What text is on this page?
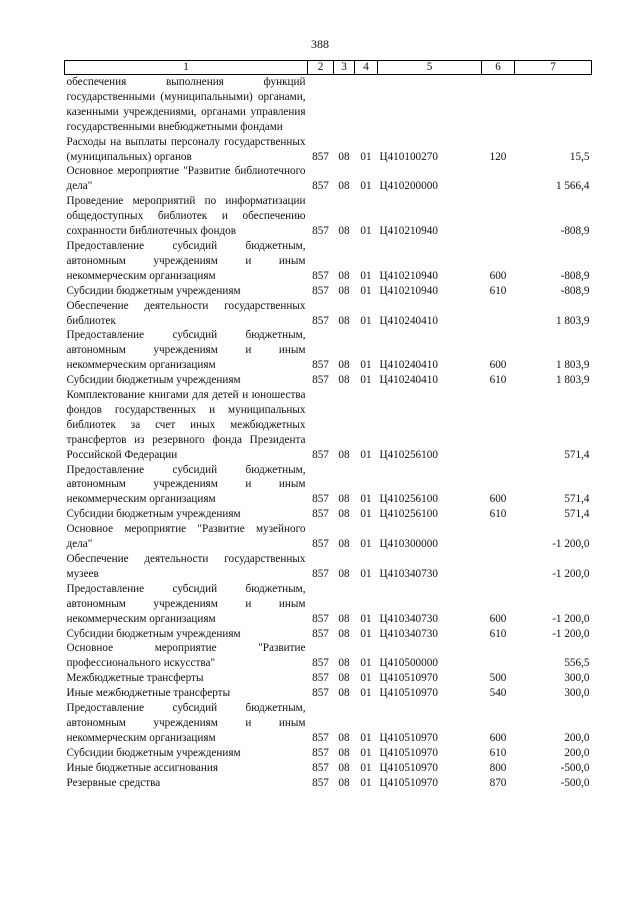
388
1	2	3	4	5	6	7
обеспечения выполнения функций государственными (муниципальными) органами, казенными учреждениями, органами управления государственными внебюджетными фондами						
Расходы на выплаты персоналу государственных (муниципальных) органов	857	08	01	Ц410100270	120	15,5
Основное мероприятие "Развитие библиотечного дела"	857	08	01	Ц410200000		1 566,4
Проведение мероприятий по информатизации общедоступных библиотек и обеспечению сохранности библиотечных фондов	857	08	01	Ц410210940		-808,9
Предоставление субсидий бюджетным, автономным учреждениям и иным некоммерческим организациям	857	08	01	Ц410210940	600	-808,9
Субсидии бюджетным учреждениям	857	08	01	Ц410210940	610	-808,9
Обеспечение деятельности государственных библиотек	857	08	01	Ц410240410		1 803,9
Предоставление субсидий бюджетным, автономным учреждениям и иным некоммерческим организациям	857	08	01	Ц410240410	600	1 803,9
Субсидии бюджетным учреждениям	857	08	01	Ц410240410	610	1 803,9
Комплектование книгами для детей и юношества фондов государственных и муниципальных библиотек за счет иных межбюджетных трансфертов из резервного фонда Президента Российской Федерации	857	08	01	Ц410256100		571,4
Предоставление субсидий бюджетным, автономным учреждениям и иным некоммерческим организациям	857	08	01	Ц410256100	600	571,4
Субсидии бюджетным учреждениям	857	08	01	Ц410256100	610	571,4
Основное мероприятие "Развитие музейного дела"	857	08	01	Ц410300000		-1 200,0
Обеспечение деятельности государственных музеев	857	08	01	Ц410340730		-1 200,0
Предоставление субсидий бюджетным, автономным учреждениям и иным некоммерческим организациям	857	08	01	Ц410340730	600	-1 200,0
Субсидии бюджетным учреждениям	857	08	01	Ц410340730	610	-1 200,0
Основное мероприятие "Развитие профессионального искусства"	857	08	01	Ц410500000		556,5
Межбюджетные трансферты	857	08	01	Ц410510970	500	300,0
Иные межбюджетные трансферты	857	08	01	Ц410510970	540	300,0
Предоставление субсидий бюджетным, автономным учреждениям и иным некоммерческим организациям	857	08	01	Ц410510970	600	200,0
Субсидии бюджетным учреждениям	857	08	01	Ц410510970	610	200,0
Иные бюджетные ассигнования	857	08	01	Ц410510970	800	-500,0
Резервные средства	857	08	01	Ц410510970	870	-500,0
